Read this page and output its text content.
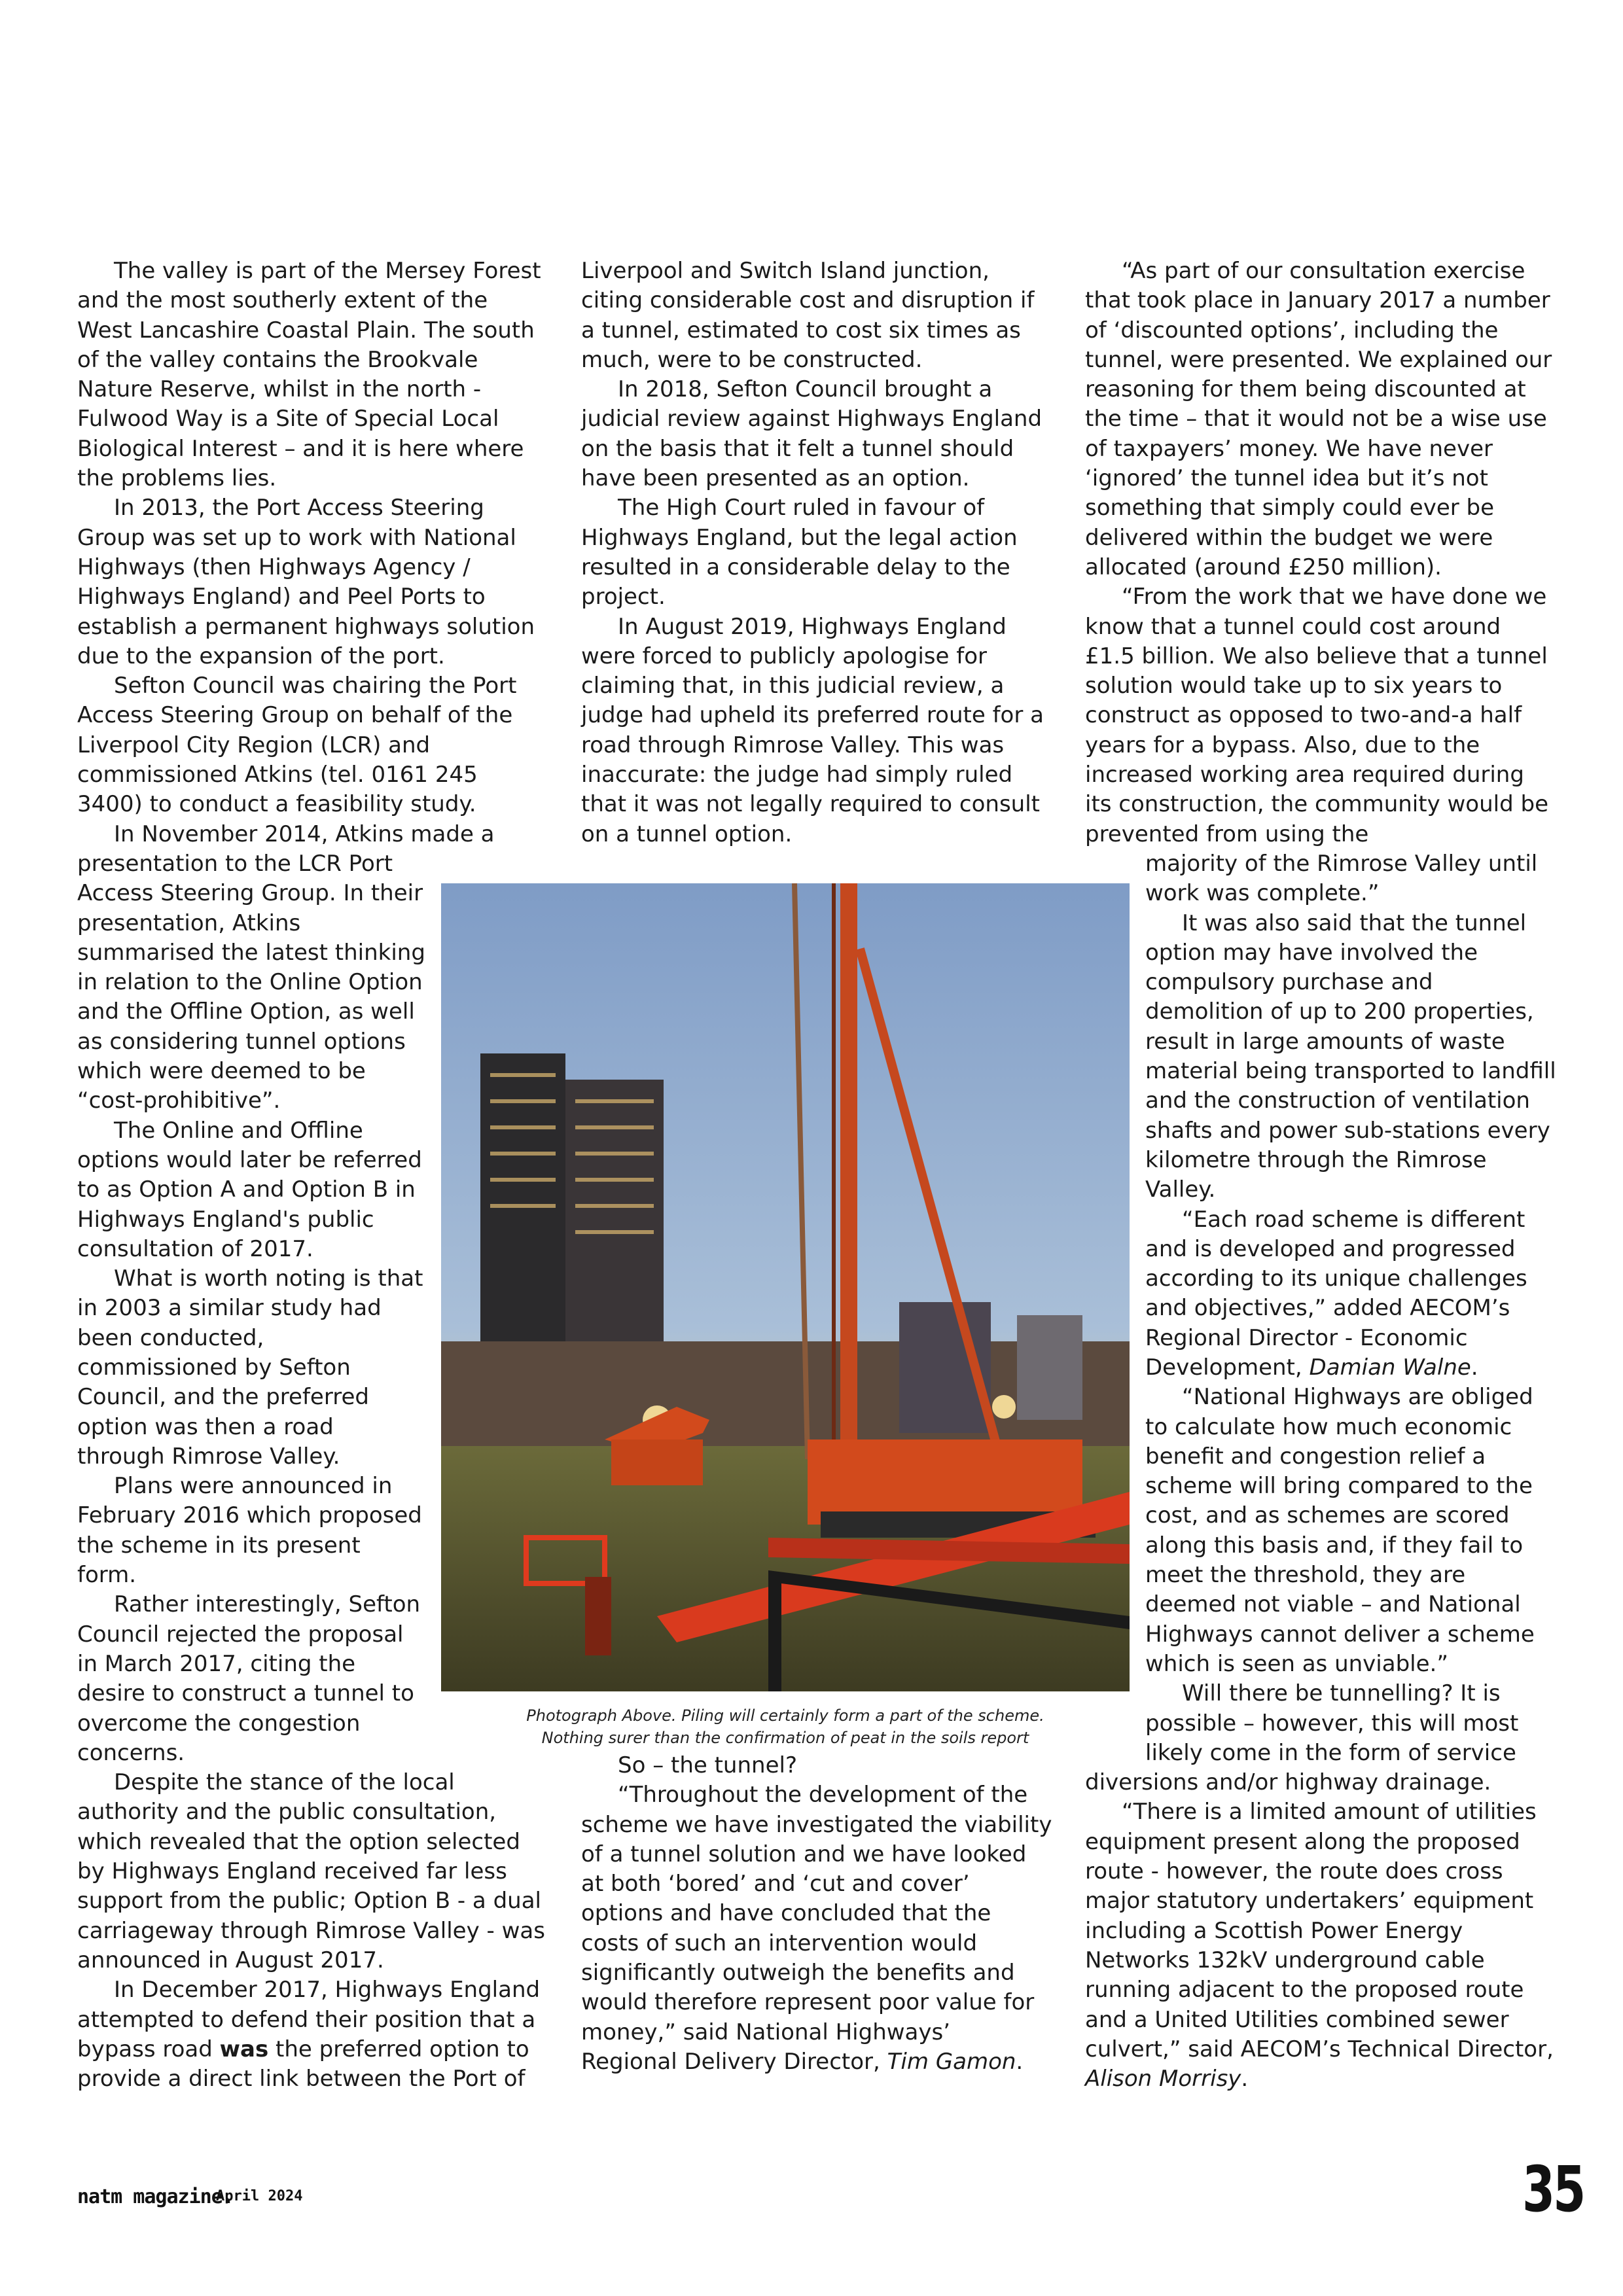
The valley is part of the Mersey Forest and the most southerly extent of the West Lancashire Coastal Plain. The south of the valley contains the Brookvale Nature Reserve, whilst in the north - Fulwood Way is a Site of Special Local Biological Interest – and it is here where the problems lies.

In 2013, the Port Access Steering Group was set up to work with National Highways (then Highways Agency / Highways England) and Peel Ports to establish a permanent highways solution due to the expansion of the port.

Sefton Council was chairing the Port Access Steering Group on behalf of the Liverpool City Region (LCR) and commissioned Atkins (tel. 0161 245 3400) to conduct a feasibility study.

In November 2014, Atkins made a

presentation to the LCR Port Access Steering Group. In their presentation, Atkins summarised the latest thinking in relation to the Online Option and the Offline Option, as well as considering tunnel options which were deemed to be “cost-prohibitive”.

The Online and Offline options would later be referred to as Option A and Option B in Highways England's public consultation of 2017.

What is worth noting is that in 2003 a similar study had been conducted, commissioned by Sefton Council, and the preferred option was then a road through Rimrose Valley.

Plans were announced in February 2016 which proposed the scheme in its present form.

Rather interestingly, Sefton Council rejected the proposal in March 2017, citing the desire to construct a tunnel to overcome the congestion concerns.

Despite the stance of the local authority and the public consultation, which revealed that the option selected by Highways England received far less support from the public; Option B - a dual carriageway through Rimrose Valley - was announced in August 2017.

In December 2017, Highways England attempted to defend their position that a bypass road was the preferred option to provide a direct link between the Port of

Liverpool and Switch Island junction, citing considerable cost and disruption if a tunnel, estimated to cost six times as much, were to be constructed.

In 2018, Sefton Council brought a judicial review against Highways England on the basis that it felt a tunnel should have been presented as an option.

The High Court ruled in favour of Highways England, but the legal action resulted in a considerable delay to the project.

In August 2019, Highways England were forced to publicly apologise for claiming that, in this judicial review, a judge had upheld its preferred route for a road through Rimrose Valley. This was inaccurate: the judge had simply ruled that it was not legally required to consult on a tunnel option.

So – the tunnel?

“Throughout the development of the scheme we have investigated the viability of a tunnel solution and we have looked at both ‘bored’ and ‘cut and cover’ options and have concluded that the costs of such an intervention would significantly outweigh the benefits and would therefore represent poor value for money,” said National Highways’ Regional Delivery Director, Tim Gamon.

“As part of our consultation exercise that took place in January 2017 a number of ‘discounted options’, including the tunnel, were presented. We explained our reasoning for them being discounted at the time – that it would not be a wise use of taxpayers’ money. We have never ‘ignored’ the tunnel idea but it’s not something that simply could ever be delivered within the budget we were allocated (around £250 million).

“From the work that we have done we know that a tunnel could cost around £1.5 billion. We also believe that a tunnel solution would take up to six years to construct as opposed to two-and-a half years for a bypass. Also, due to the increased working area required during its construction, the community would be prevented from using the

majority of the Rimrose Valley until work was complete.”

It was also said that the tunnel option may have involved the compulsory purchase and demolition of up to 200 properties, result in large amounts of waste material being transported to landfill and the construction of ventilation shafts and power sub-stations every kilometre through the Rimrose Valley.

“Each road scheme is different and is developed and progressed according to its unique challenges and objectives,” added AECOM’s Regional Director - Economic Development, Damian Walne.

“National Highways are obliged to calculate how much economic benefit and congestion relief a scheme will bring compared to the cost, and as schemes are scored along this basis and, if they fail to meet the threshold, they are deemed not viable – and National Highways cannot deliver a scheme which is seen as unviable.”

Will there be tunnelling? It is possible – however, this will most likely come in the form of service

diversions and/or highway drainage.

“There is a limited amount of utilities equipment present along the proposed route - however, the route does cross major statutory undertakers’ equipment including a Scottish Power Energy Networks 132kV underground cable running adjacent to the proposed route and a United Utilities combined sewer culvert,” said AECOM’s Technical Director, Alison Morrisy.

Photograph Above. Piling will certainly form a part of the scheme.
Nothing surer than the confirmation of peat in the soils report
natm magazine.
April 2024	35
